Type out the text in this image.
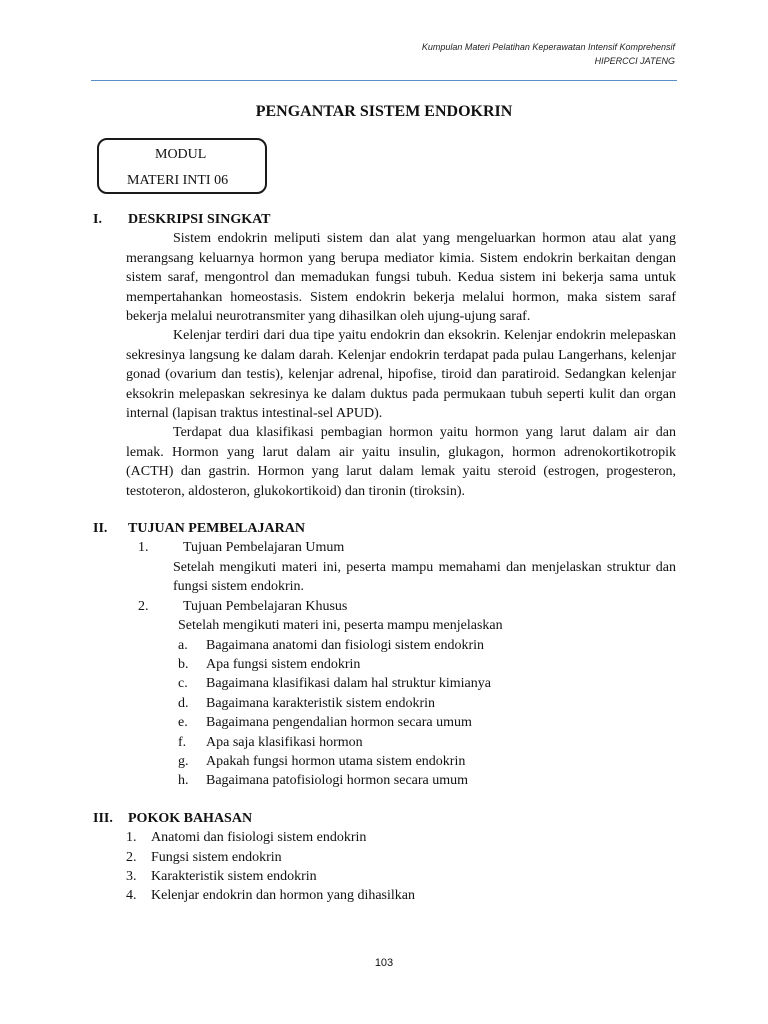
Kumpulan Materi Pelatihan Keperawatan Intensif Komprehensif
HIPERCCI JATENG
PENGANTAR SISTEM ENDOKRIN
MODUL
MATERI INTI 06
I.	DESKRIPSI SINGKAT

Sistem endokrin meliputi sistem dan alat yang mengeluarkan hormon atau alat yang merangsang keluarnya hormon yang berupa mediator kimia. Sistem endokrin berkaitan dengan sistem saraf, mengontrol dan memadukan fungsi tubuh. Kedua sistem ini bekerja sama untuk mempertahankan homeostasis. Sistem endokrin bekerja melalui hormon, maka sistem saraf bekerja melalui neurotransmiter yang dihasilkan oleh ujung-ujung saraf.

Kelenjar terdiri dari dua tipe yaitu endokrin dan eksokrin. Kelenjar endokrin melepaskan sekresinya langsung ke dalam darah. Kelenjar endokrin terdapat pada pulau Langerhans, kelenjar gonad (ovarium dan testis), kelenjar adrenal, hipofise, tiroid dan paratiroid. Sedangkan kelenjar eksokrin melepaskan sekresinya ke dalam duktus pada permukaan tubuh seperti kulit dan organ internal (lapisan traktus intestinal-sel APUD).

Terdapat dua klasifikasi pembagian hormon yaitu hormon yang larut dalam air dan lemak. Hormon yang larut dalam air yaitu insulin, glukagon, hormon adrenokortikotropik (ACTH) dan gastrin. Hormon yang larut dalam lemak yaitu steroid (estrogen, progesteron, testoteron, aldosteron, glukokortikoid) dan tironin (tiroksin).

II.	TUJUAN PEMBELAJARAN
1.	Tujuan Pembelajaran Umum
Setelah mengikuti materi ini, peserta mampu memahami dan menjelaskan struktur dan fungsi sistem endokrin.
2.	Tujuan Pembelajaran Khusus
Setelah mengikuti materi ini, peserta mampu menjelaskan
a.	Bagaimana anatomi dan fisiologi sistem endokrin
b.	Apa fungsi sistem endokrin
c.	Bagaimana klasifikasi dalam hal struktur kimianya
d.	Bagaimana karakteristik sistem endokrin
e.	Bagaimana pengendalian hormon secara umum
f.	Apa saja klasifikasi hormon
g.	Apakah fungsi hormon utama sistem endokrin
h.	Bagaimana patofisiologi hormon secara umum
III.	POKOK BAHASAN
1.	Anatomi dan fisiologi sistem endokrin
2.	Fungsi sistem endokrin
3.	Karakteristik sistem endokrin
4.	Kelenjar endokrin dan hormon yang dihasilkan
103
